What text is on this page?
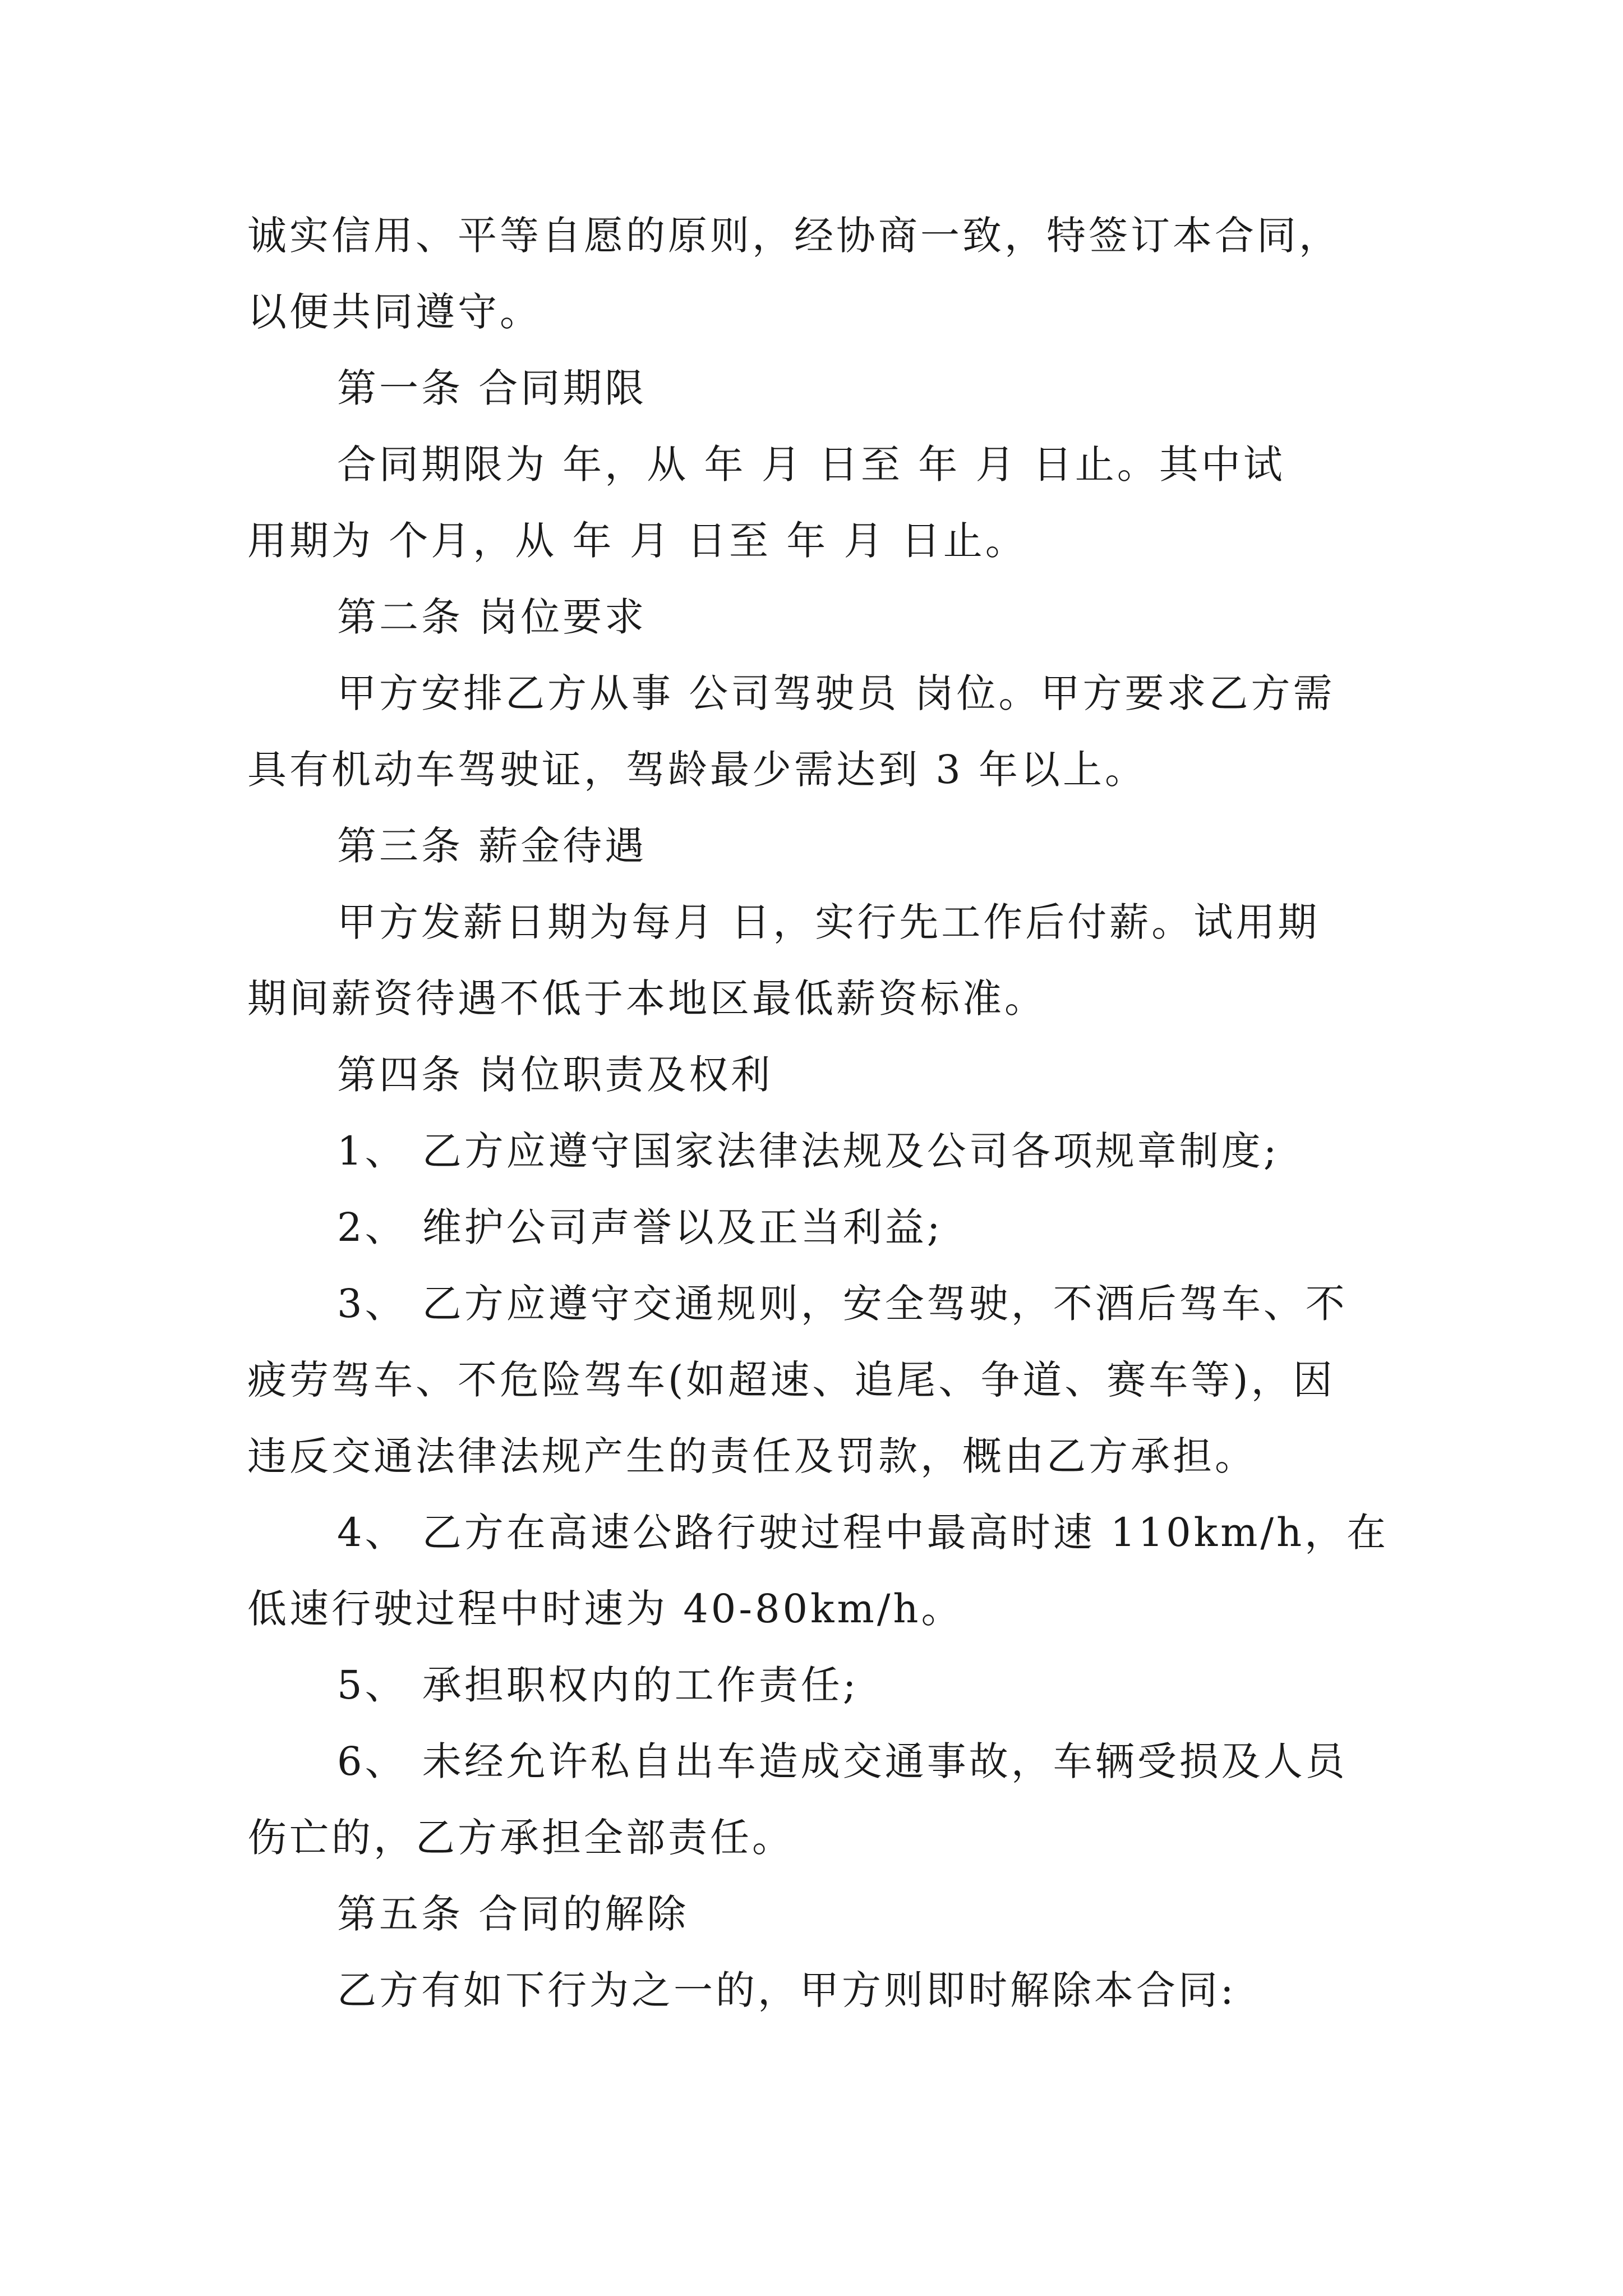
诚实信用、平等自愿的原则，经协商一致，特签订本合同，

以便共同遵守。

第一条 合同期限

合同期限为 年，从 年 月 日至 年 月 日止。其中试

用期为 个月，从 年 月 日至 年 月 日止。

第二条 岗位要求

甲方安排乙方从事 公司驾驶员 岗位。甲方要求乙方需

具有机动车驾驶证，驾龄最少需达到 3 年以上。

第三条 薪金待遇

甲方发薪日期为每月 日，实行先工作后付薪。试用期

期间薪资待遇不低于本地区最低薪资标准。

第四条 岗位职责及权利

1、 乙方应遵守国家法律法规及公司各项规章制度;

2、 维护公司声誉以及正当利益;

3、 乙方应遵守交通规则，安全驾驶，不酒后驾车、不

疲劳驾车、不危险驾车(如超速、追尾、争道、赛车等)，因

违反交通法律法规产生的责任及罚款，概由乙方承担。

4、 乙方在高速公路行驶过程中最高时速 110km/h，在

低速行驶过程中时速为 40-80km/h。

5、 承担职权内的工作责任;

6、 未经允许私自出车造成交通事故，车辆受损及人员

伤亡的，乙方承担全部责任。

第五条 合同的解除

乙方有如下行为之一的，甲方则即时解除本合同:
